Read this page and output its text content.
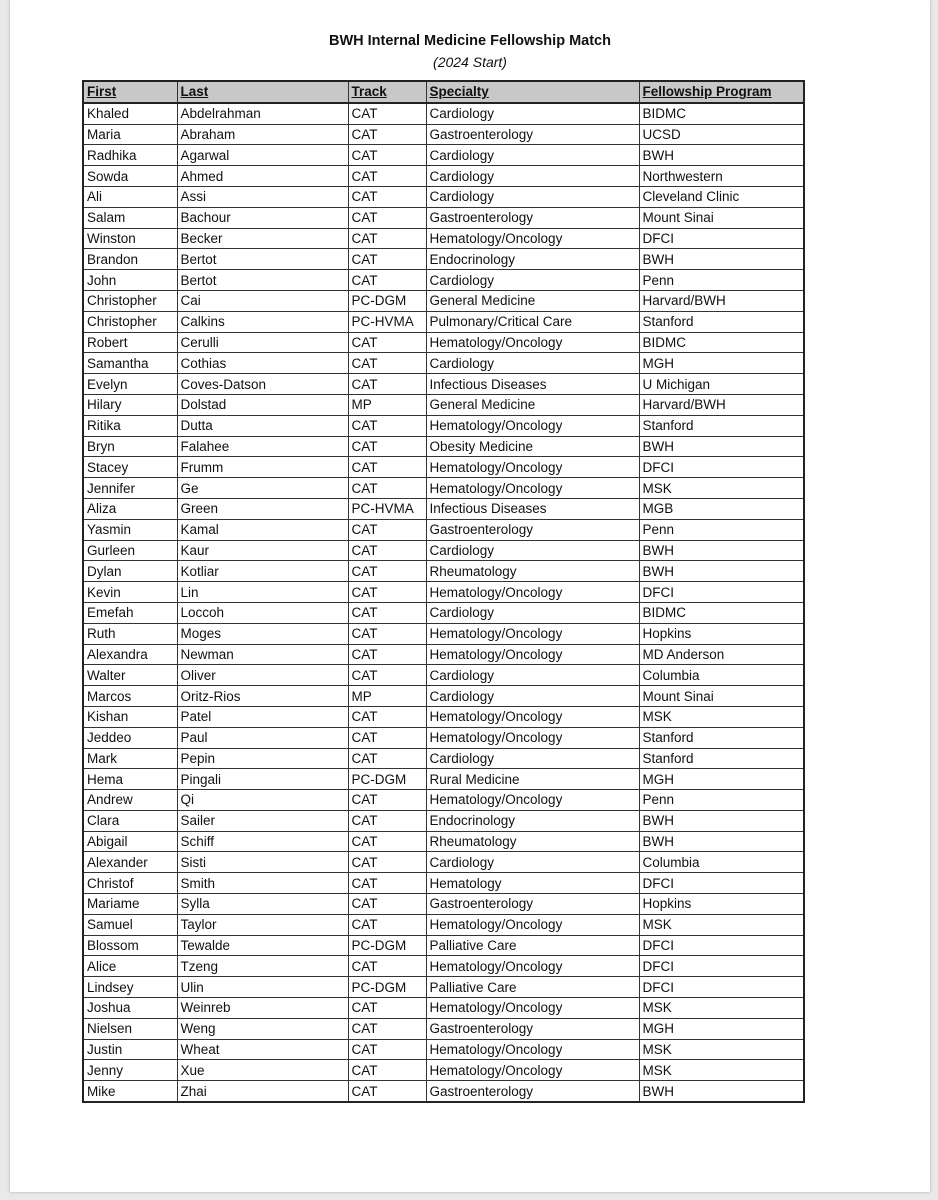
BWH Internal Medicine Fellowship Match

(2024 Start)

First	Last	Track	Specialty	Fellowship Program
Khaled	Abdelrahman	CAT	Cardiology	BIDMC
Maria	Abraham	CAT	Gastroenterology	UCSD
Radhika	Agarwal	CAT	Cardiology	BWH
Sowda	Ahmed	CAT	Cardiology	Northwestern
Ali	Assi	CAT	Cardiology	Cleveland Clinic
Salam	Bachour	CAT	Gastroenterology	Mount Sinai
Winston	Becker	CAT	Hematology/Oncology	DFCI
Brandon	Bertot	CAT	Endocrinology	BWH
John	Bertot	CAT	Cardiology	Penn
Christopher	Cai	PC-DGM	General Medicine	Harvard/BWH
Christopher	Calkins	PC-HVMA	Pulmonary/Critical Care	Stanford
Robert	Cerulli	CAT	Hematology/Oncology	BIDMC
Samantha	Cothias	CAT	Cardiology	MGH
Evelyn	Coves-Datson	CAT	Infectious Diseases	U Michigan
Hilary	Dolstad	MP	General Medicine	Harvard/BWH
Ritika	Dutta	CAT	Hematology/Oncology	Stanford
Bryn	Falahee	CAT	Obesity Medicine	BWH
Stacey	Frumm	CAT	Hematology/Oncology	DFCI
Jennifer	Ge	CAT	Hematology/Oncology	MSK
Aliza	Green	PC-HVMA	Infectious Diseases	MGB
Yasmin	Kamal	CAT	Gastroenterology	Penn
Gurleen	Kaur	CAT	Cardiology	BWH
Dylan	Kotliar	CAT	Rheumatology	BWH
Kevin	Lin	CAT	Hematology/Oncology	DFCI
Emefah	Loccoh	CAT	Cardiology	BIDMC
Ruth	Moges	CAT	Hematology/Oncology	Hopkins
Alexandra	Newman	CAT	Hematology/Oncology	MD Anderson
Walter	Oliver	CAT	Cardiology	Columbia
Marcos	Oritz-Rios	MP	Cardiology	Mount Sinai
Kishan	Patel	CAT	Hematology/Oncology	MSK
Jeddeo	Paul	CAT	Hematology/Oncology	Stanford
Mark	Pepin	CAT	Cardiology	Stanford
Hema	Pingali	PC-DGM	Rural Medicine	MGH
Andrew	Qi	CAT	Hematology/Oncology	Penn
Clara	Sailer	CAT	Endocrinology	BWH
Abigail	Schiff	CAT	Rheumatology	BWH
Alexander	Sisti	CAT	Cardiology	Columbia
Christof	Smith	CAT	Hematology	DFCI
Mariame	Sylla	CAT	Gastroenterology	Hopkins
Samuel	Taylor	CAT	Hematology/Oncology	MSK
Blossom	Tewalde	PC-DGM	Palliative Care	DFCI
Alice	Tzeng	CAT	Hematology/Oncology	DFCI
Lindsey	Ulin	PC-DGM	Palliative Care	DFCI
Joshua	Weinreb	CAT	Hematology/Oncology	MSK
Nielsen	Weng	CAT	Gastroenterology	MGH
Justin	Wheat	CAT	Hematology/Oncology	MSK
Jenny	Xue	CAT	Hematology/Oncology	MSK
Mike	Zhai	CAT	Gastroenterology	BWH
